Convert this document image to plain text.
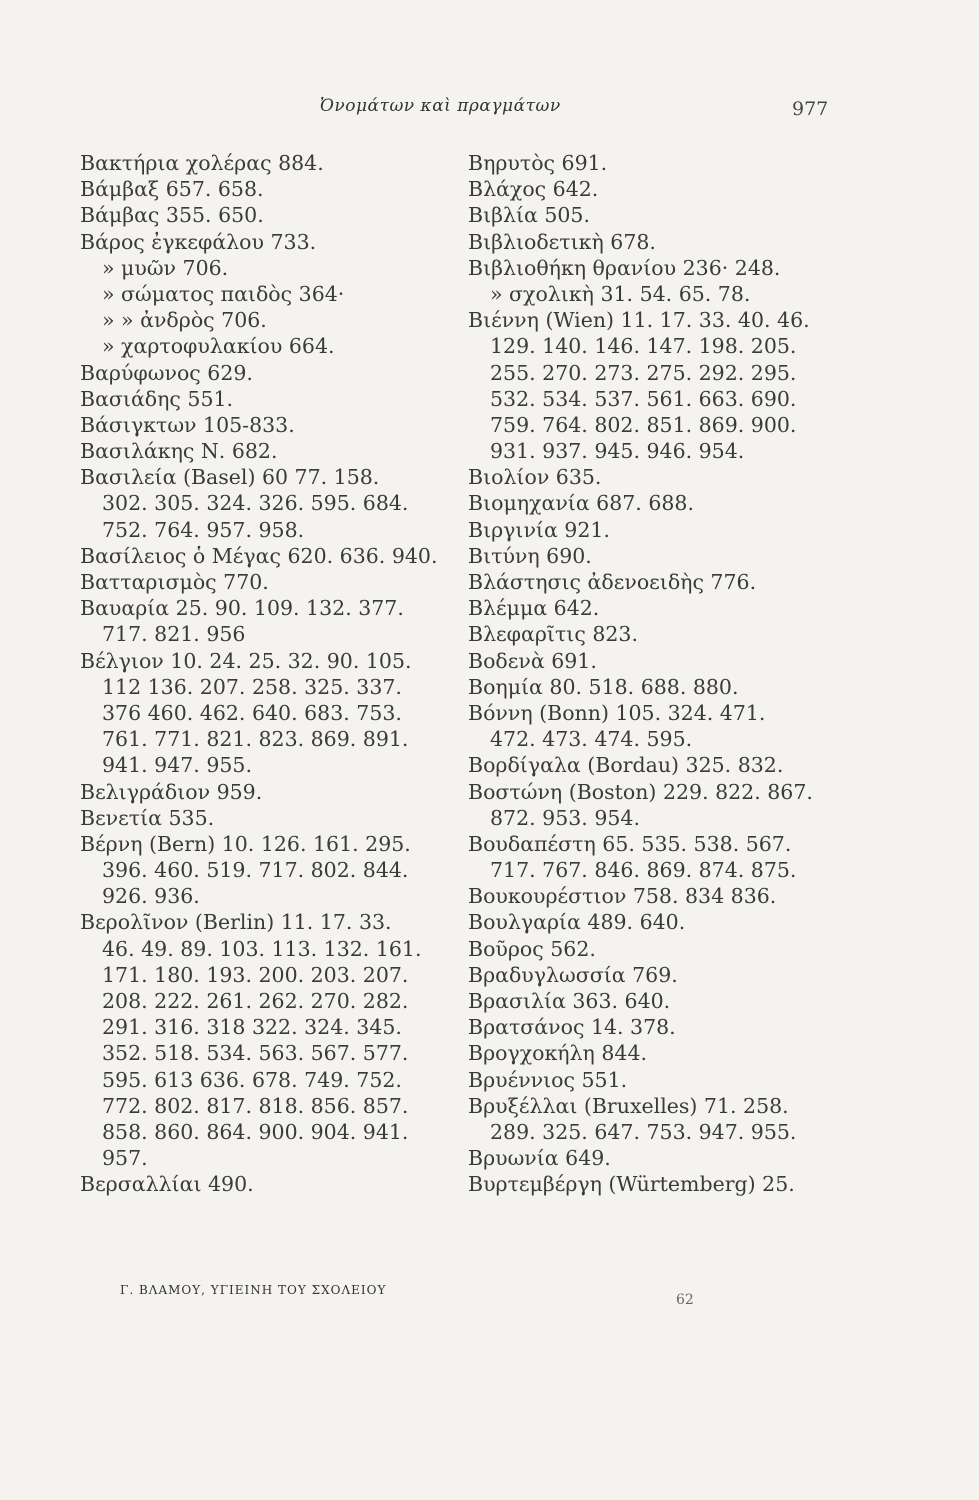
Ὀνομάτων καὶ πραγμάτων	977
Βακτήρια χολέρας 884.
Βάμβαξ 657. 658.
Βάμβας 355. 650.
Βάρος ἐγκεφάλου 733.
» μυῶν 706.
» σώματος παιδὸς 364·
» » ἀνδρὸς 706.
» χαρτοφυλακίου 664.
Βαρύφωνος 629.
Βασιάδης 551.
Βάσιγκτων 105-833.
Βασιλάκης Ν. 682.
Βασιλεία (Basel) 60 77. 158.
302. 305. 324. 326. 595. 684.
752. 764. 957. 958.
Βασίλειος ὁ Μέγας 620. 636. 940.
Βατταρισμὸς 770.
Βαυαρία 25. 90. 109. 132. 377.
717. 821. 956
Βέλγιον 10. 24. 25. 32. 90. 105.
112 136. 207. 258. 325. 337.
376 460. 462. 640. 683. 753.
761. 771. 821. 823. 869. 891.
941. 947. 955.
Βελιγράδιον 959.
Βενετία 535.
Βέρνη (Bern) 10. 126. 161. 295.
396. 460. 519. 717. 802. 844.
926. 936.
Βερολῖνον (Berlin) 11. 17. 33.
46. 49. 89. 103. 113. 132. 161.
171. 180. 193. 200. 203. 207.
208. 222. 261. 262. 270. 282.
291. 316. 318 322. 324. 345.
352. 518. 534. 563. 567. 577.
595. 613 636. 678. 749. 752.
772. 802. 817. 818. 856. 857.
858. 860. 864. 900. 904. 941.
957.
Βερσαλλίαι 490.
Βηρυτὸς 691.
Βλάχος 642.
Βιβλία 505.
Βιβλιοδετικὴ 678.
Βιβλιοθήκη θρανίου 236· 248.
» σχολικὴ 31. 54. 65. 78.
Βιέννη (Wien) 11. 17. 33. 40. 46.
129. 140. 146. 147. 198. 205.
255. 270. 273. 275. 292. 295.
532. 534. 537. 561. 663. 690.
759. 764. 802. 851. 869. 900.
931. 937. 945. 946. 954.
Βιολίον 635.
Βιομηχανία 687. 688.
Βιργινία 921.
Βιτύνη 690.
Βλάστησις ἀδενοειδὴς 776.
Βλέμμα 642.
Βλεφαρῖτις 823.
Βοδενὰ 691.
Βοημία 80. 518. 688. 880.
Βόννη (Bonn) 105. 324. 471.
472. 473. 474. 595.
Βορδίγαλα (Bordau) 325. 832.
Βοστώνη (Boston) 229. 822. 867.
872. 953. 954.
Βουδαπέστη 65. 535. 538. 567.
717. 767. 846. 869. 874. 875.
Βουκουρέστιον 758. 834 836.
Βουλγαρία 489. 640.
Βοῦρος 562.
Βραδυγλωσσία 769.
Βρασιλία 363. 640.
Βρατσάνος 14. 378.
Βρογχοκήλη 844.
Βρυέννιος 551.
Βρυξέλλαι (Bruxelles) 71. 258.
289. 325. 647. 753. 947. 955.
Βρυωνία 649.
Βυρτεμβέργη (Würtemberg) 25.
Γ. ΒΛΑΜΟΥ, ΥΓΙΕΙΝΗ ΤΟΥ ΣΧΟΛΕΙΟΥ
62
